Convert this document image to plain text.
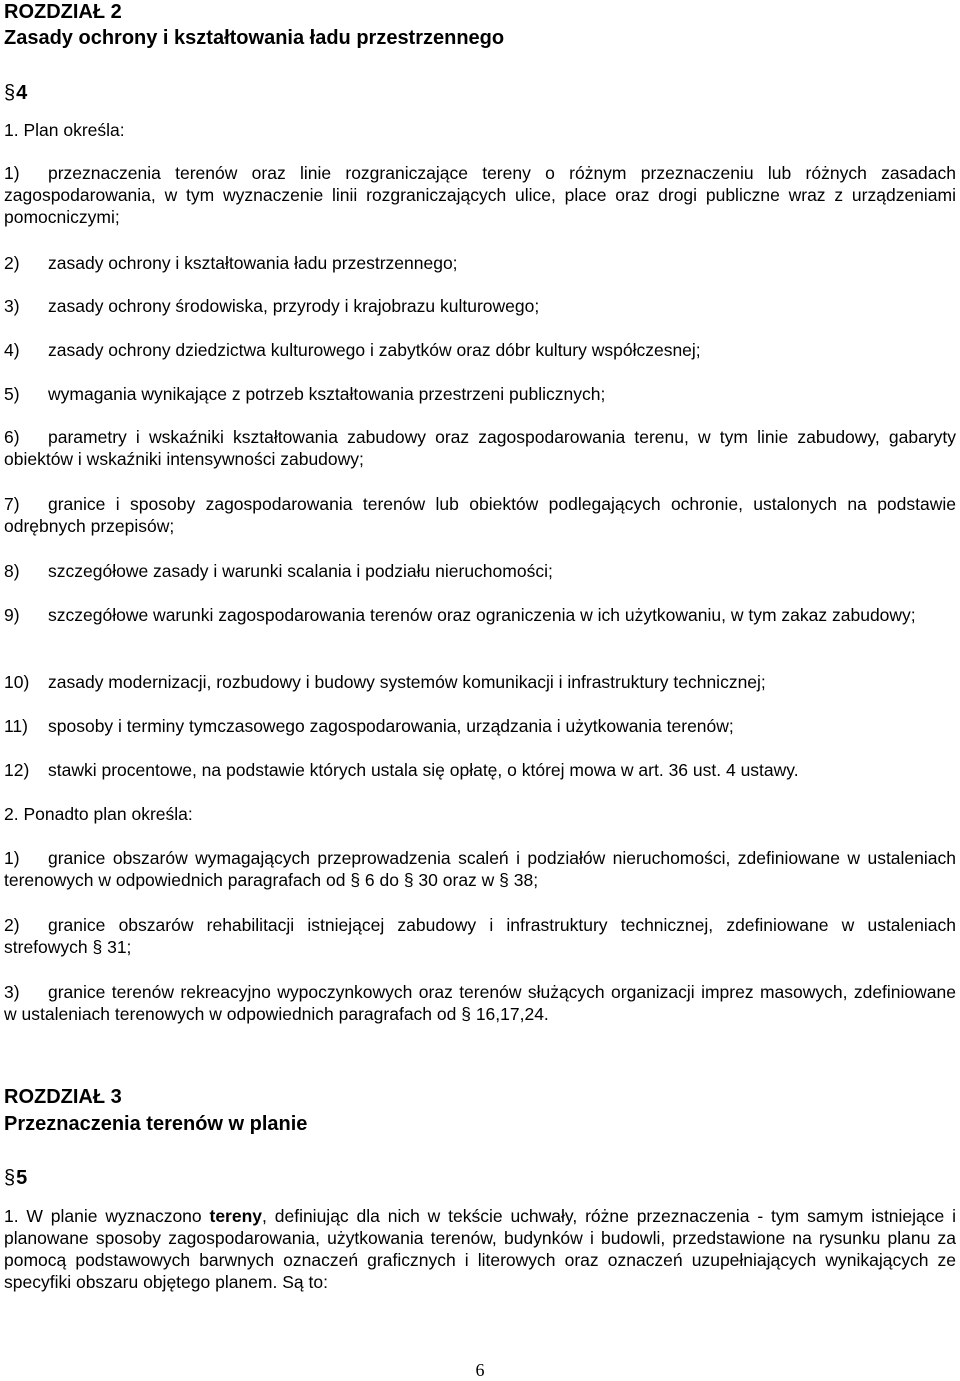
ROZDZIAŁ 2

Zasady ochrony i kształtowania ładu przestrzennego

§4

1. Plan określa:

1) przeznaczenia terenów oraz linie rozgraniczające tereny o różnym przeznaczeniu lub różnych zasadach zagospodarowania, w tym wyznaczenie linii rozgraniczających ulice, place oraz drogi publiczne wraz z urządzeniami pomocniczymi;

2) zasady ochrony i kształtowania ładu przestrzennego;

3) zasady ochrony środowiska, przyrody i krajobrazu kulturowego;

4) zasady ochrony dziedzictwa kulturowego i zabytków oraz dóbr kultury współczesnej;

5) wymagania wynikające z potrzeb kształtowania przestrzeni publicznych;

6) parametry i wskaźniki kształtowania zabudowy oraz zagospodarowania terenu, w tym linie zabudowy, gabaryty obiektów i wskaźniki intensywności zabudowy;

7) granice i sposoby zagospodarowania terenów lub obiektów podlegających ochronie, ustalonych na podstawie odrębnych przepisów;

8) szczegółowe zasady i warunki scalania i podziału nieruchomości;

9) szczegółowe warunki zagospodarowania terenów oraz ograniczenia w ich użytkowaniu, w tym zakaz zabudowy;

10) zasady modernizacji, rozbudowy i budowy systemów komunikacji i infrastruktury technicznej;

11) sposoby i terminy tymczasowego zagospodarowania, urządzania i użytkowania terenów;

12) stawki procentowe, na podstawie których ustala się opłatę, o której mowa w art. 36 ust. 4 ustawy.

2. Ponadto plan określa:

1) granice obszarów wymagających przeprowadzenia scaleń i podziałów nieruchomości, zdefiniowane w ustaleniach terenowych w odpowiednich paragrafach od § 6 do § 30 oraz w § 38;

2) granice obszarów rehabilitacji istniejącej zabudowy i infrastruktury technicznej, zdefiniowane w ustaleniach strefowych § 31;

3) granice terenów rekreacyjno wypoczynkowych oraz terenów służących organizacji imprez masowych, zdefiniowane w ustaleniach terenowych w odpowiednich paragrafach od § 16,17,24.

ROZDZIAŁ 3

Przeznaczenia terenów w planie

§5

1. W planie wyznaczono tereny, definiując dla nich w tekście uchwały, różne przeznaczenia - tym samym istniejące i planowane sposoby zagospodarowania, użytkowania terenów, budynków i budowli, przedstawione na rysunku planu za pomocą podstawowych barwnych oznaczeń graficznych i literowych oraz oznaczeń uzupełniających wynikających ze specyfiki obszaru objętego planem. Są to:

6
